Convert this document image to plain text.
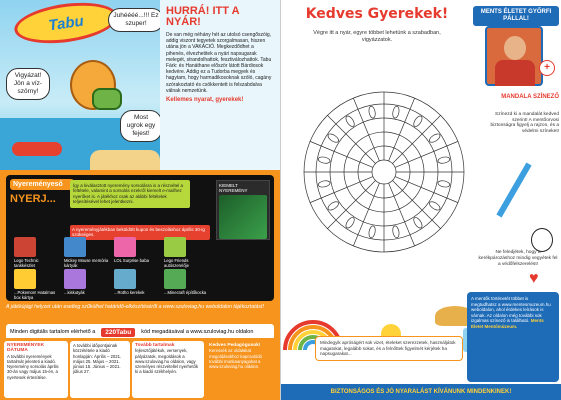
Tabu	Juhéééé...!!! Ez szuper!
Vigyázat! Jön a víz-szörny!
Most ugrok egy fejest!
HURRÁ! ITT A NYÁR!
De van még néhány hét az utolsó csengőszóig, addig viszont tegyetek szorgalmasan, hiszen utána jön a VAKÁCIÓ. Megkezdődhet a pihenés, élvezhetitek a nyári napsugarak melegét, strandolhattok, fesztiválozhattok. Tabu Fárk: és Hanáthane először látott Bárdiosok kedvére. Addig ez a Tudorba megyek és hagytam, hogy harmadikosoknak szóló, cagány szórakoztató és csökkentett is felszabdalva válnak nemzetünk.
Kellemes nyarat, gyerekek!
Nyereményeső
NYERJ...
Így a kiválasztott nyeremény sorsolásra is a részvétel a feltétele, valamint a sorsolás ezekről kiemelt e-mailhez nyerőket is. A játékhoz csak az alábbi feltételek teljesítésével lehet jelentkezni.
A nyereményjátékban beküldött kupon és beszoláshoz április 30-ig szükséges.
KIEMELT NYEREMÉNY
Lego Technic tankkészlet
Mickey Mouse memória kártyák
LOL Surprise baba	Lego Friends autószerelője
...Pokemon! Hatalmas box kártya
...kiskutyák	...Rotho kerekek	...Minecraft építőkocka
A játékújági helyzet után esetleg szűkülhet határidő-elkészítéséről a www.szuloviag.hu weboldalon tájékoztatást!
Minden digitális tartalom elérhető a	220Tabu	kód megadásával a www.szuloviag.hu oldalon
NYEREMÉNYEK DÁTUMA
A további nyeremények tartalmát jelenteti a kiadó. Nyeremény sorsolás április 30-án vagy május 15-én, a nyertesek értesítése.
A további időpontjainak közzététele a kiadó honlapján: Április – 2021. május 25. Május – 2021. június 15. Június – 2021. július 27.
Tovább tartalmak
fejlesztőjátékok, versenyek, pályázatok, megoldások a www.szuloviag.hu oldalon, vagy személyes részvétellel nyerhetők ki a kiadó székhelyén.
Kedves Pedagógusok!
Keressék az oldalakat megoldásokhoz kapcsolódó további munkaanyagokat a www.szuloviag.hu oldalon.
Kedves Gyerekek!
Végre itt a nyár, egyre többet lehetünk a szabadban, vigyázzatok.
Mindegyik apróságért sok vizet, ételeket szerezzetek, használjátok magatokat, legalább sokat, és a felnőttek figyelmét kérjétek ha napsugarakat...
MENTS ÉLETET GYŐRFI PÁLLAL!
+
MANDALA SZÍNEZŐ
Színezd ki a mandalát kedved szerint! A mentőorvosi biztonságra figyelj a rajzon, és a védelmi színeket!
Ne feledjétek, hogy a kerékpározáshoz mindig vegyétek fel a védőfelszerelést!
♥
A mentők történetét többet is megtudhatsz a www.mentesmuzeum.hu weboldalon, ahol érdekes leírások is várnak. Az oldalon még további sok izgalmas színező is található. Ments Életet Mentőmúzeum.
BIZTONSÁGOS ÉS JÓ NYARALÁST KÍVÁNUNK MINDENKINEK!
